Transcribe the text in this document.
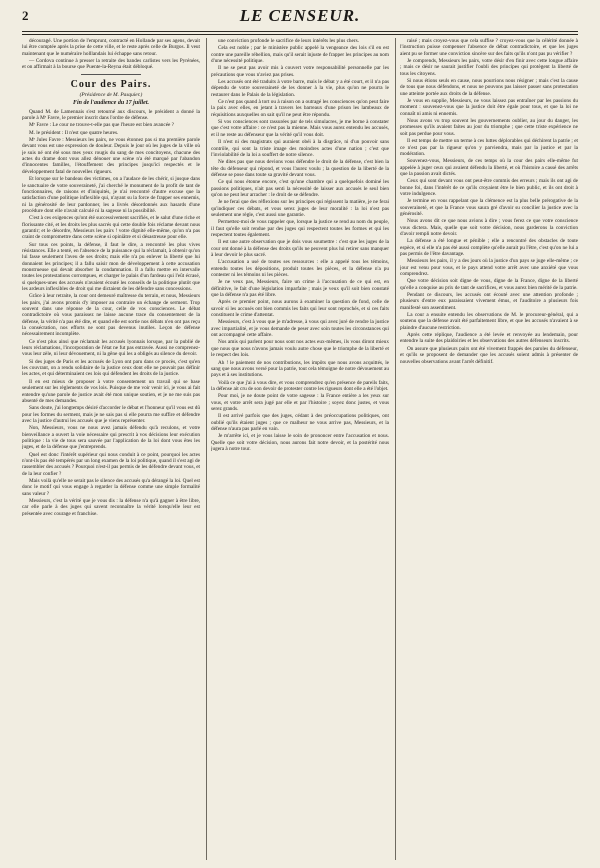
2	LE CENSEUR.

découragé. Une portion de l'emprunt, contracté en Hollande par ses agens, devait lui être comptée après la prise de cette ville, et le reste après celle de Burgos. Il veut maintenant que le numéraire holllandais lui échappe sans retour.

— Cordova continue à presser la retraite des bandes carlistes vers les Pyrénées, et on affirmait à la bourse que Puente-la-Reyna était débloqué.

Cour des Pairs.
(Présidence de M. Pasquier.)
Fin de l'audience du 17 juillet.

Quand M. de Lamennais s'est retourné aux discours, le président a donné la parole à Mᵉ Favre, le premier inscrit dans l'ordre de défense.

Mᵉ Favre : Le cour ne trouve-t-elle pas que l'heure est bien avancée ?

M. le président : Il n'est que quatre heures.

Mᵉ Jules Favre : Messieurs les pairs, ne vous étonnez pas si ma première parole devant vous est une expression de douleur. Depuis le jour où les juges de la ville où je suis né ont été sous mes yeux rougis du sang de mes concitoyens, chacune des actes du drame dont vous allez dénouer une scène n'a été marqué par l'abandon d'innocentes familles, l'étouffement des principes jusqu'ici respectés et le développement fatal de nouvelles rigueurs.

Et lorsque sur le bandeau des victimes, on a l'audace de les chérir, si jusque dans le sanctuaire de votre souveraineté, j'ai cherché le monument de la profit de tant de fonctionnaires, de raisons et d'iniquités, je n'ai rencontré d'autre excuse que la satisfaction d'une politique inflexible qui, n'ayant su la force de frapper ses ennemis, ni la générosité de leur pardonner, les a livrés désordonnés aux hasards d'une procédure dont elle n'avait calculé ni la sagesse ni la possibilité.

C'est à ces exigences qu'ont été successivement sacrifiés, et le salut d'une riche et florissante cité, et les droits les plus sacrés qui cette double fois réclame devant nous garantir; et le désordre, Messieurs les pairs ! votre dignité elle-même, qu'on n'a pas craint de compromettre dans cette scène si opiniâtre et si désastreuse pour elle.

Sur tous ces points, la défense, il faut le dire, a rencontré les plus vives résistances. Elle a tenté, en l'absence de la puissance qui la réclamait, à obtenir qu'on lui fasse seulement l'aveu de ses droits; mais elle n'a pu enlever la liberté que lui donnaient les principes; il a fallu saisir mon de développement à cette accusation monstrueuse qui devait absorber la condamnation. Il a fallu mettre en intervalle toutes les protestations corrompues, et charger le palais d'un fardeau qui l'eût écrasé, si quelques-unes des accusés n'avaient écouté les conseils de la politique plutôt que les ardeurs inflexibles de droit qui me dictaient de les défendre sans concessions.

Grâce à leur retraite, la cour ont demeuré maîtresse du terrain, et nous, Messieurs les pairs, j'ai avons promis d'y imposer au contraire un échange de serment. Trop souvent dans une réponse de la cour, celle de vos consciences. Le débat contradictoire où vous paraissez ne laisse aucune trace du consentement de la défense, la vérité n'a pas été dite, et quand elle est sortie nos débats n'en ont pas reçu la consécration, nos efforts ne sont pas devenus inutiles. Leçon de défense nécessairement incomplète.

Ce n'est plus ainsi que réclamait les accusés lyonnais lorsque, par la publié de leurs réclamations, l'incorporation de l'état ne fut pas entravée. Aussi ne comprenez-vous leur zèle, ni leur dévouement, ni la gêne qui les a obligés au silence du devoir.

Si des juges de Paris et les accusés de Lyon ont paru dans ce procès, c'est qu'en les couvrant, on a rendu solidaire de la justice ceux dont elle ne pouvait pas définir les actes, et qui déterminaient ces lois qui défendent les droits de la justice.

Il en est mieux de proposer à votre consentement un travail qui se base seulement sur les règlements de vos lois. Puisque de me voir venir ici, je vous ai fait entendre qu'une parole de justice avait été mon unique soutien, et je ne me suis pas absenté de mes demandes.

Sans doute, j'ai longtemps désiré d'accorder le débat et l'honneur qu'il vous est dû pour les formes du serment, mais je ne sais pas si elle pourra me suffire et défendre avec la justice d'autrui les accusés que je viens représenter.

Non, Messieurs, vous ne nous avez jamais défendu qu'à reculons, et votre bienveillance a ouvert la voie nécessaire qui prescrit à vos décisions leur exécution politique : la vie de tous sera sauvée par l'application de la loi dont vous êtes les juges, et de la défense que j'entreprends.

Quel est donc l'intérêt supérieur qui nous conduit à ce point, pourquoi les actes n'ont-ils pas été tempérés par un long examen de la loi politique, quand il s'est agi de rassembler des accusés ? Pourquoi n'est-il pas permis de les défendre devant vous, et de la leur confier ?

Mais voilà qu'elle ne serait pas le silence des accusés qu'a dérangé la loi. Quel est donc le motif qui vous engage à regarder la défense comme une simple formalité sans valeur ?

Messieurs, c'est la vérité que je vous dis : la défense n'a qu'à gagner à être libre, car elle parle à des juges qui savent reconnaître la vérité lorsqu'elle leur est présentée avec courage et franchise.

une conviction profonde le sacrifice de leurs intérêts les plus chers.

Cela est noble ; par le ministère public appelé la vengeance des lois s'il en est contre une pareille rébellion, mais qu'il serait injuste de frapper les principes au nom d'une nécessité politique.

Il ne se peut pas avoir mis à couvert votre responsabilité personnelle par les précautions que vous n'aviez pas prises.

Les accusés ont été traduits à votre barre, mais le débat y a été court, et il n'a pas dépendu de votre souveraineté de les donner à la vie, plus qu'on ne pourra le restaurer dans le Palais de la législation.

Ce n'est pas quand à tort ou à raison on a outragé les consciences qu'on peut faire la paix avec elles, en jetant à travers les barreaux d'une prison les lambeaux de réquisitions auxquelles on sait qu'il ne peut être répondu.

Si vos consciences sont rassurées par de tels simulacres, je me borne à constater que c'est votre affaire : ce n'est pas la mienne. Mais vous aurez entendu les accusés, et il ne reste au défenseur que la vérité qu'il vous doit.

Il n'est ni des magistrats qui auraient obéi à la disgrâce, ni d'un pouvoir sans contrôle, qui sont la triste image des moindres actes d'une nation ; c'est que l'inviolabilité de la loi a souffert de notre silence.

Ne dites pas que nous devions vous défendre le droit de la défense, c'est bien la tête du défenseur qui répond, et vous l'aurez voulu ; la question de la liberté de la défense se pose dans toute sa gravité devant vous.

Ce qui nous étonne encore, c'est qu'une chambre qui a quelquefois dominé les passions politiques, n'ait pas senti la nécessité de laisser aux accusés le seul bien qu'on ne peut leur arracher : le droit de se défendre.

Je ne ferai que des réflexions sur les principes qui régissent la matière, je ne ferai qu'indiquer ces débats, et vous serez juges de leur moralité : la loi n'est pas seulement une règle, c'est aussi une garantie.

Permettez-moi de vous rappeler que, lorsque la justice se rend au nom du peuple, il faut qu'elle soit rendue par des juges qui respectent toutes les formes et qui les respectent toutes également.

Il est une autre observation que je dois vous soumettre : c'est que les juges de la cour ont donné à la défense des droits qu'ils ne peuvent plus lui retirer sans manquer à leur devoir le plus sacré.

L'accusation a usé de toutes ses ressources : elle a appelé tous les témoins, entendu toutes les dépositions, produit toutes les pièces, et la défense n'a pu contester ni les témoins ni les pièces.

Je ne veux pas, Messieurs, faire un crime à l'accusation de ce qui est, en définitive, le fait d'une législation imparfaite ; mais je veux qu'il soit bien constaté que la défense n'a pas été libre.

Après ce premier point, nous aurons à examiner la question de fond, celle de savoir si les accusés ont bien commis les faits qui leur sont reprochés, et si ces faits constituent le crime d'attentat.

Messieurs, c'est à vous que je m'adresse, à vous qui avez juré de rendre la justice avec impartialité, et je vous demande de peser avec soin toutes les circonstances qui ont accompagné cette affaire.

Nos amis qui parlent pour nous sont nos actes eux-mêmes, ils vous diront mieux que nous que nous n'avons jamais voulu autre chose que le triomphe de la liberté et le respect des lois.

Ah ! le paiement de nos contributions, les impôts que nous avons acquittés, le sang que nous avons versé pour la patrie, tout cela témoigne de notre dévouement au pays et à ses institutions.

Voilà ce que j'ai à vous dire, et vous comprendrez qu'en présence de pareils faits, la défense ait cru de son devoir de protester contre les rigueurs dont elle a été l'objet.

Pour moi, je ne doute point de votre sagesse : la France entière a les yeux sur vous, et votre arrêt sera jugé par elle et par l'histoire ; soyez donc justes, et vous serez grands.

Il est arrivé parfois que des juges, cédant à des préoccupations politiques, ont oublié qu'ils étaient juges ; que ce malheur ne vous arrive pas, Messieurs, et la défense n'aura pas parlé en vain.

Je m'arrête ici, et je vous laisse le soin de prononcer entre l'accusation et nous. Quelle que soit votre décision, nous aurons fait notre devoir, et la postérité nous jugera à notre tour.

raisé ; mais croyez-vous que cela suffise ? croyez-vous que la célérité donnée à l'instruction puisse compenser l'absence de débat contradictoire, et que les juges aient pu se former une conviction sincère sur des faits qu'ils n'ont pas pu vérifier ?

Je comprends, Messieurs les pairs, votre désir d'en finir avec cette longue affaire ; mais ce désir ne saurait justifier l'oubli des principes qui protègent la liberté de tous les citoyens.

Si nous étions seuls en cause, nous pourrions nous résigner ; mais c'est la cause de tous que nous défendons, et nous ne pouvons pas laisser passer sans protestation une atteinte portée aux droits de la défense.

Je vous en supplie, Messieurs, ne vous laissez pas entraîner par les passions du moment : souvenez-vous que la justice doit être égale pour tous, et que la loi ne connaît ni amis ni ennemis.

Nous avons vu trop souvent les gouvernements oublier, au jour du danger, les promesses qu'ils avaient faites au jour du triomphe ; que cette triste expérience ne soit pas perdue pour vous.

Il est temps de mettre un terme à ces luttes déplorables qui déchirent la patrie ; et ce n'est pas par la rigueur qu'on y parviendra, mais par la justice et par la modération.

Souvenez-vous, Messieurs, de ces temps où la cour des pairs elle-même fut appelée à juger ceux qui avaient défendu la liberté, et où l'histoire a cassé des arrêts que la passion avait dictés.

Ceux qui sont devant vous ont peut-être commis des erreurs ; mais ils ont agi de bonne foi, dans l'intérêt de ce qu'ils croyaient être le bien public, et ils ont droit à votre indulgence.

Je termine en vous rappelant que la clémence est la plus belle prérogative de la souveraineté, et que la France vous saura gré d'avoir su concilier la justice avec la générosité.

Nous avons dit ce que nous avions à dire ; vous ferez ce que votre conscience vous dictera. Mais, quelle que soit votre décision, nous garderons la conviction d'avoir rempli notre devoir.

La défense a été longue et pénible ; elle a rencontré des obstacles de toute espèce, et si elle n'a pas été aussi complète qu'elle aurait pu l'être, c'est qu'on ne lui a pas permis de l'être davantage.

Messieurs les pairs, il y a des jours où la justice d'un pays se juge elle-même ; ce jour est venu pour vous, et le pays attend votre arrêt avec une anxiété que vous comprendrez.

Que votre décision soit digne de vous, digne de la France, digne de la liberté qu'elle a conquise au prix de tant de sacrifices, et vous aurez bien mérité de la patrie.

Pendant ce discours, les accusés ont écouté avec une attention profonde ; plusieurs d'entre eux paraissaient vivement émus, et l'auditoire a plusieurs fois manifesté son assentiment.

La cour a ensuite entendu les observations de M. le procureur-général, qui a soutenu que la défense avait été parfaitement libre, et que les accusés n'avaient à se plaindre d'aucune restriction.

Après cette réplique, l'audience a été levée et renvoyée au lendemain, pour entendre la suite des plaidoiries et les observations des autres défenseurs inscrits.

On assure que plusieurs pairs ont été vivement frappés des paroles du défenseur, et qu'ils se proposent de demander que les accusés soient admis à présenter de nouvelles observations avant l'arrêt définitif.
